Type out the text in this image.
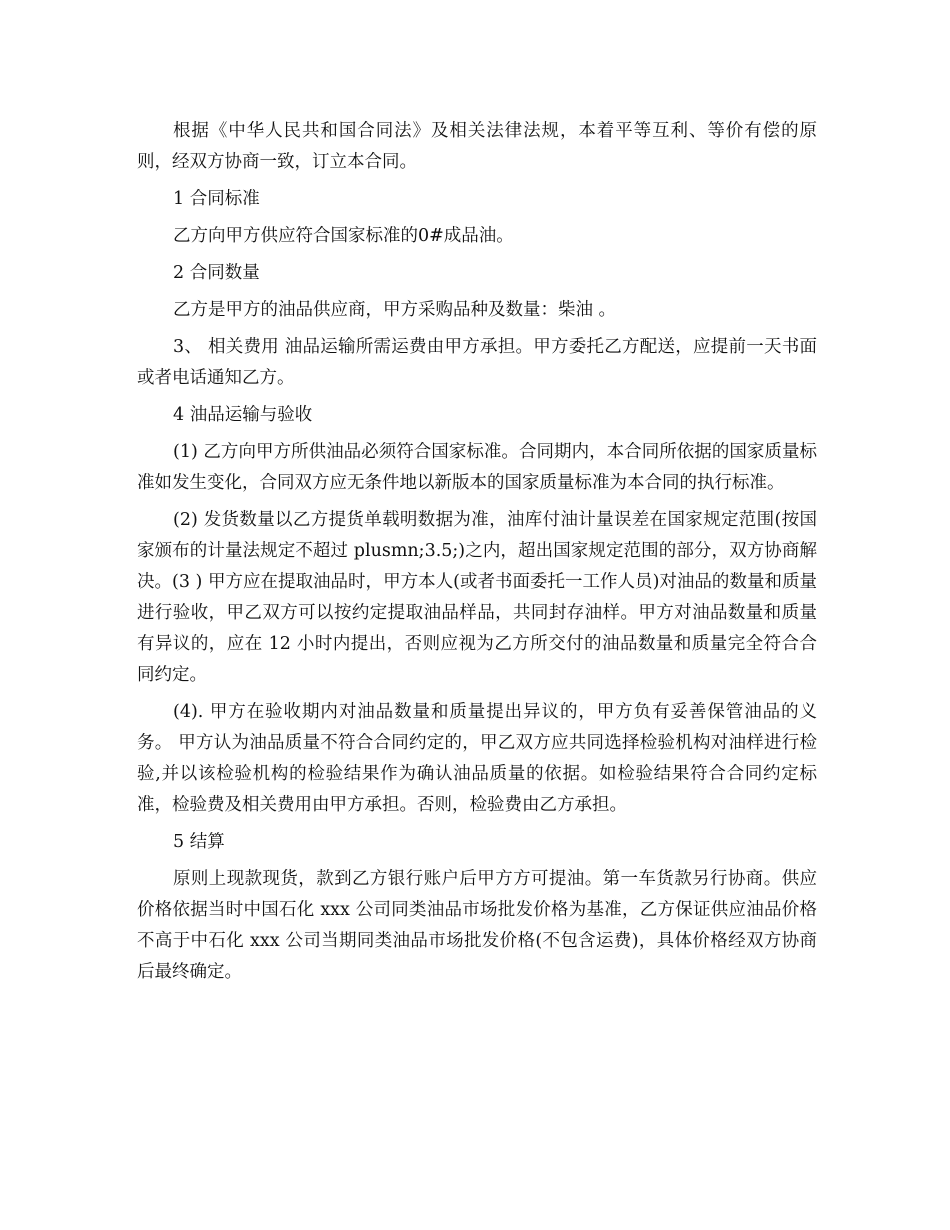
根据《中华人民共和国合同法》及相关法律法规，本着平等互利、等价有偿的原则，经双方协商一致，订立本合同。

1 合同标准

乙方向甲方供应符合国家标准的0#成品油。

2 合同数量

乙方是甲方的油品供应商，甲方采购品种及数量：柴油 。

3、 相关费用 油品运输所需运费由甲方承担。甲方委托乙方配送，应提前一天书面或者电话通知乙方。

4 油品运输与验收

(1) 乙方向甲方所供油品必须符合国家标准。合同期内，本合同所依据的国家质量标准如发生变化，合同双方应无条件地以新版本的国家质量标准为本合同的执行标准。

(2) 发货数量以乙方提货单载明数据为准，油库付油计量误差在国家规定范围(按国家颁布的计量法规定不超过 plusmn;3.5;)之内，超出国家规定范围的部分，双方协商解决。(3 ) 甲方应在提取油品时，甲方本人(或者书面委托一工作人员)对油品的数量和质量进行验收，甲乙双方可以按约定提取油品样品，共同封存油样。甲方对油品数量和质量有异议的，应在 12 小时内提出，否则应视为乙方所交付的油品数量和质量完全符合合同约定。

(4). 甲方在验收期内对油品数量和质量提出异议的，甲方负有妥善保管油品的义务。 甲方认为油品质量不符合合同约定的，甲乙双方应共同选择检验机构对油样进行检验,并以该检验机构的检验结果作为确认油品质量的依据。如检验结果符合合同约定标准，检验费及相关费用由甲方承担。否则，检验费由乙方承担。

5 结算

原则上现款现货，款到乙方银行账户后甲方方可提油。第一车货款另行协商。供应价格依据当时中国石化 xxx 公司同类油品市场批发价格为基准，乙方保证供应油品价格不高于中石化 xxx 公司当期同类油品市场批发价格(不包含运费)，具体价格经双方协商后最终确定。
